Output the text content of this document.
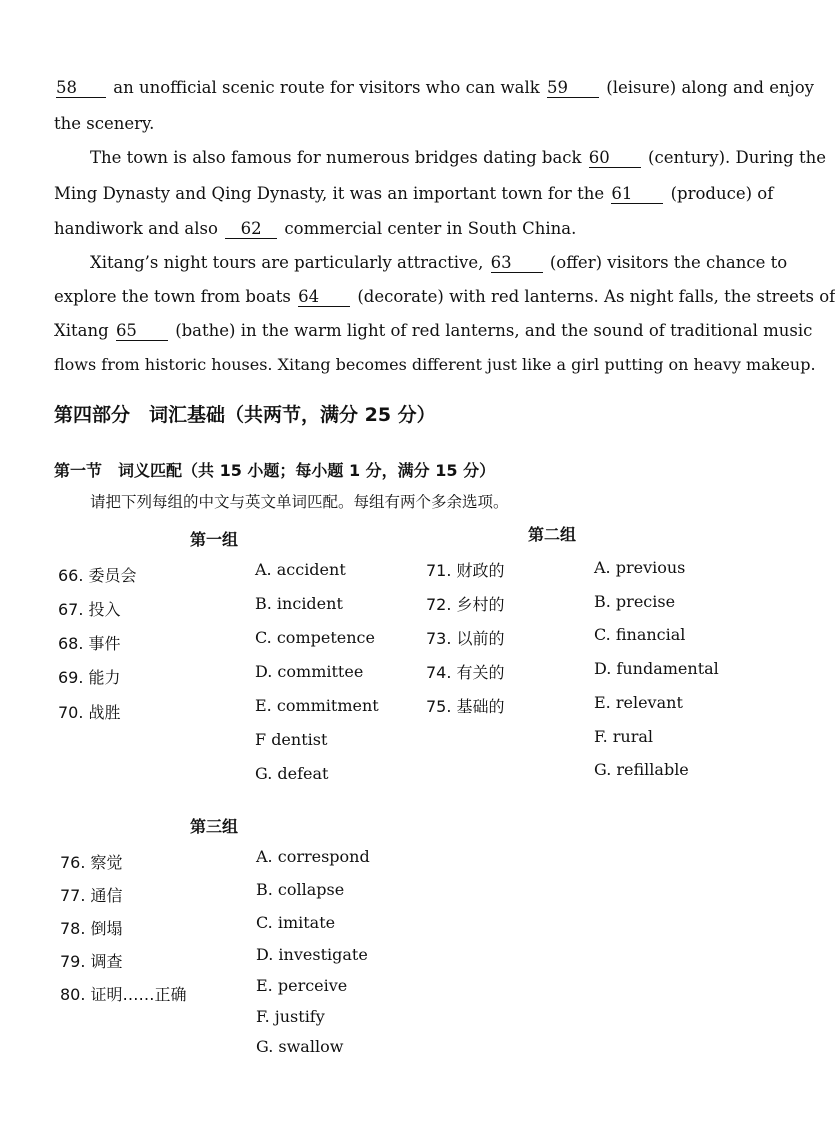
58 an unofficial scenic route for visitors who can walk 59 (leisure) along and enjoy
the scenery.
The town is also famous for numerous bridges dating back 60 (century). During the
Ming Dynasty and Qing Dynasty, it was an important town for the 61 (produce) of
handiwork and also 62 commercial center in South China.
Xitang’s night tours are particularly attractive, 63 (offer) visitors the chance to
explore the town from boats 64 (decorate) with red lanterns. As night falls, the streets of
Xitang 65 (bathe) in the warm light of red lanterns, and the sound of traditional music
flows from historic houses. Xitang becomes different just like a girl putting on heavy makeup.
第四部分　词汇基础（共两节，满分 25 分）
第一节　词义匹配（共 15 小题；每小题 1 分，满分 15 分）
请把下列每组的中文与英文单词匹配。每组有两个多余选项。
第一组
66. 委员会
67. 投入
68. 事件
69. 能力
70. 战胜
A. accident
B. incident
C. competence
D. committee
E. commitment
F dentist
G. defeat
第二组
71. 财政的
72. 乡村的
73. 以前的
74. 有关的
75. 基础的
A. previous
B. precise
C. financial
D. fundamental
E. relevant
F. rural
G. refillable
第三组
76. 察觉
77. 通信
78. 倒塌
79. 调查
80. 证明……正确
A. correspond
B. collapse
C. imitate
D. investigate
E. perceive
F. justify
G. swallow
